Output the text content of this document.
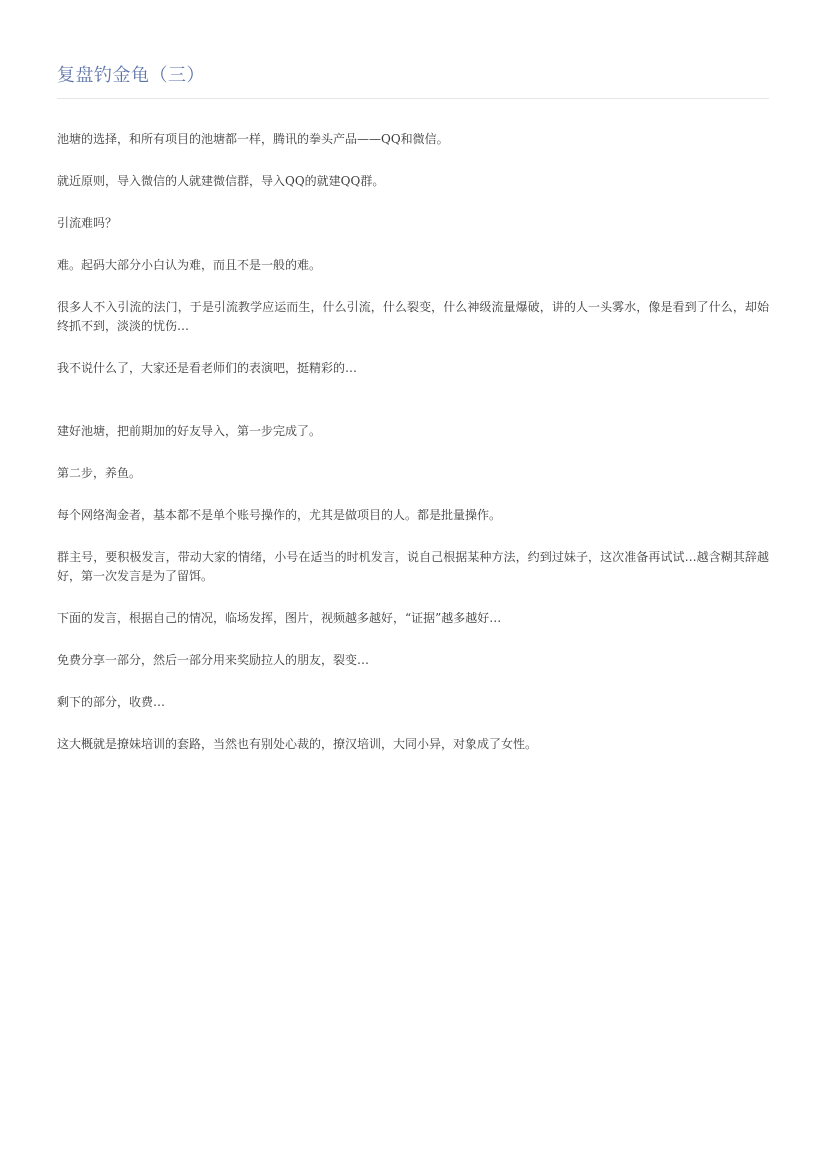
复盘钓金龟（三）

池塘的选择，和所有项目的池塘都一样，腾讯的拳头产品——QQ和微信。

就近原则，导入微信的人就建微信群，导入QQ的就建QQ群。

引流难吗？

难。起码大部分小白认为难，而且不是一般的难。

很多人不入引流的法门，于是引流教学应运而生，什么引流，什么裂变，什么神级流量爆破，讲的人一头雾水，像是看到了什么，却始终抓不到，淡淡的忧伤…

我不说什么了，大家还是看老师们的表演吧，挺精彩的…

建好池塘，把前期加的好友导入，第一步完成了。

第二步，养鱼。

每个网络淘金者，基本都不是单个账号操作的，尤其是做项目的人。都是批量操作。

群主号，要积极发言，带动大家的情绪，小号在适当的时机发言，说自己根据某种方法，约到过妹子，这次准备再试试…越含糊其辞越好，第一次发言是为了留饵。

下面的发言，根据自己的情况，临场发挥，图片，视频越多越好，“证据”越多越好…

免费分享一部分，然后一部分用来奖励拉人的朋友，裂变…

剩下的部分，收费…

这大概就是撩妹培训的套路，当然也有别处心裁的，撩汉培训，大同小异，对象成了女性。
